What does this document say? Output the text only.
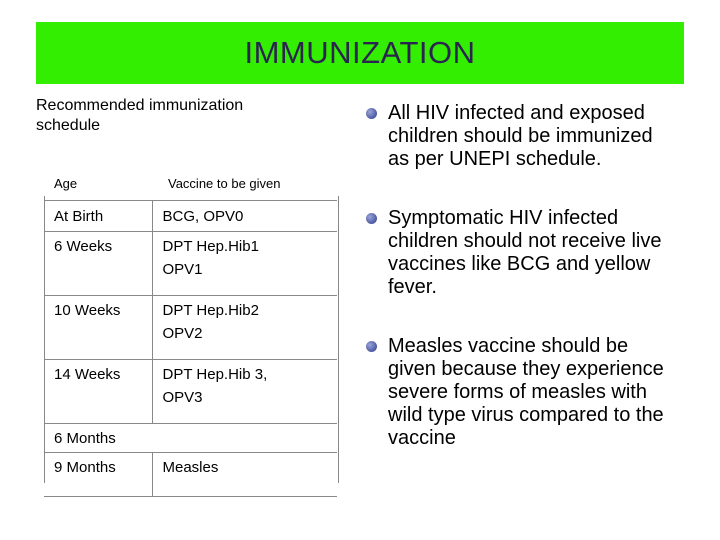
IMMUNIZATION
Recommended immunization schedule
Age	Vaccine to be given
At Birth	BCG, OPV0
6 Weeks	DPT Hep.Hib1
OPV1

10 Weeks	DPT Hep.Hib2
OPV2

14 Weeks	DPT Hep.Hib 3,
OPV3

6 Months	
9 Months	Measles
All HIV infected and exposed children should be immunized as per UNEPI schedule.
Symptomatic HIV infected children should not receive live vaccines like BCG and yellow fever.
Measles vaccine should be given because they experience severe forms of measles with wild type virus compared to the vaccine
